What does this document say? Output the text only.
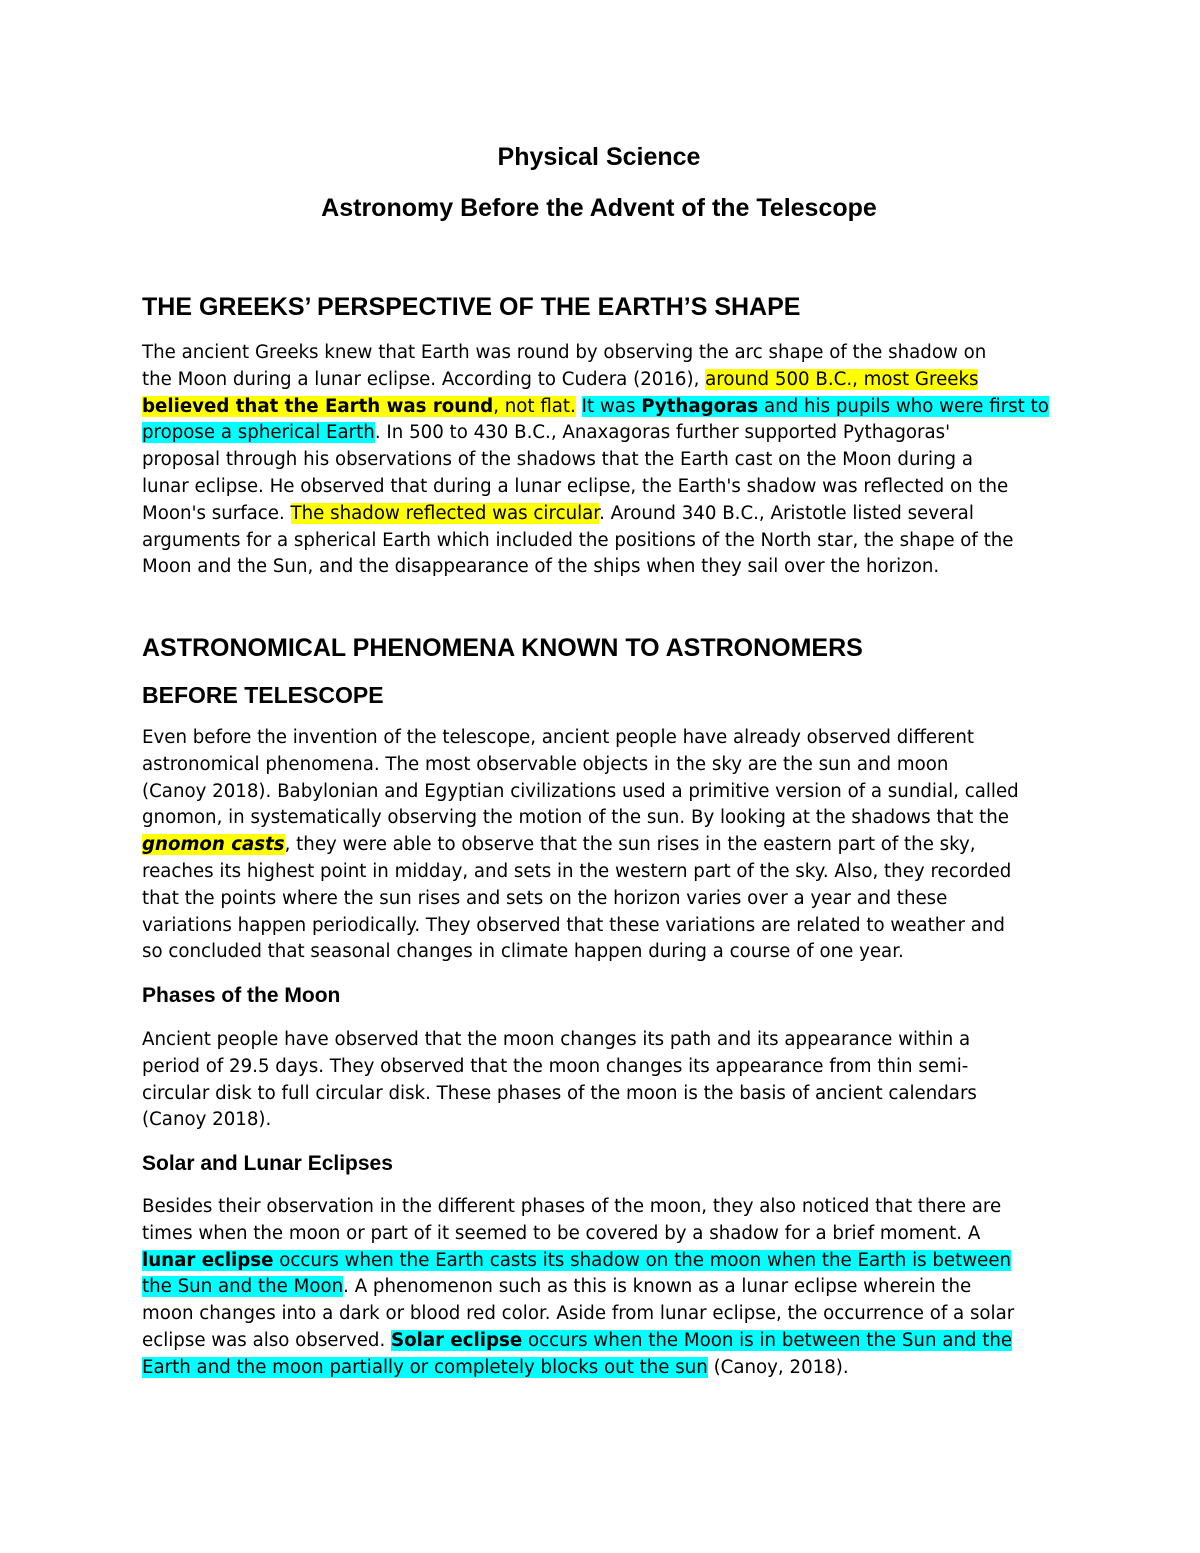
Physical Science
Astronomy Before the Advent of the Telescope
THE GREEKS’ PERSPECTIVE OF THE EARTH’S SHAPE
The ancient Greeks knew that Earth was round by observing the arc shape of the shadow on
the Moon during a lunar eclipse. According to Cudera (2016), around 500 B.C., most Greeks
believed that the Earth was round, not flat. It was Pythagoras and his pupils who were first to
propose a spherical Earth. In 500 to 430 B.C., Anaxagoras further supported Pythagoras'
proposal through his observations of the shadows that the Earth cast on the Moon during a
lunar eclipse. He observed that during a lunar eclipse, the Earth's shadow was reflected on the
Moon's surface. The shadow reflected was circular. Around 340 B.C., Aristotle listed several
arguments for a spherical Earth which included the positions of the North star, the shape of the
Moon and the Sun, and the disappearance of the ships when they sail over the horizon.
ASTRONOMICAL PHENOMENA KNOWN TO ASTRONOMERS
BEFORE TELESCOPE
Even before the invention of the telescope, ancient people have already observed different
astronomical phenomena. The most observable objects in the sky are the sun and moon
(Canoy 2018). Babylonian and Egyptian civilizations used a primitive version of a sundial, called
gnomon, in systematically observing the motion of the sun. By looking at the shadows that the
gnomon casts, they were able to observe that the sun rises in the eastern part of the sky,
reaches its highest point in midday, and sets in the western part of the sky. Also, they recorded
that the points where the sun rises and sets on the horizon varies over a year and these
variations happen periodically. They observed that these variations are related to weather and
so concluded that seasonal changes in climate happen during a course of one year.
Phases of the Moon
Ancient people have observed that the moon changes its path and its appearance within a
period of 29.5 days. They observed that the moon changes its appearance from thin semi-
circular disk to full circular disk. These phases of the moon is the basis of ancient calendars
(Canoy 2018).
Solar and Lunar Eclipses
Besides their observation in the different phases of the moon, they also noticed that there are
times when the moon or part of it seemed to be covered by a shadow for a brief moment. A
lunar eclipse occurs when the Earth casts its shadow on the moon when the Earth is between
the Sun and the Moon. A phenomenon such as this is known as a lunar eclipse wherein the
moon changes into a dark or blood red color. Aside from lunar eclipse, the occurrence of a solar
eclipse was also observed. Solar eclipse occurs when the Moon is in between the Sun and the
Earth and the moon partially or completely blocks out the sun (Canoy, 2018).
